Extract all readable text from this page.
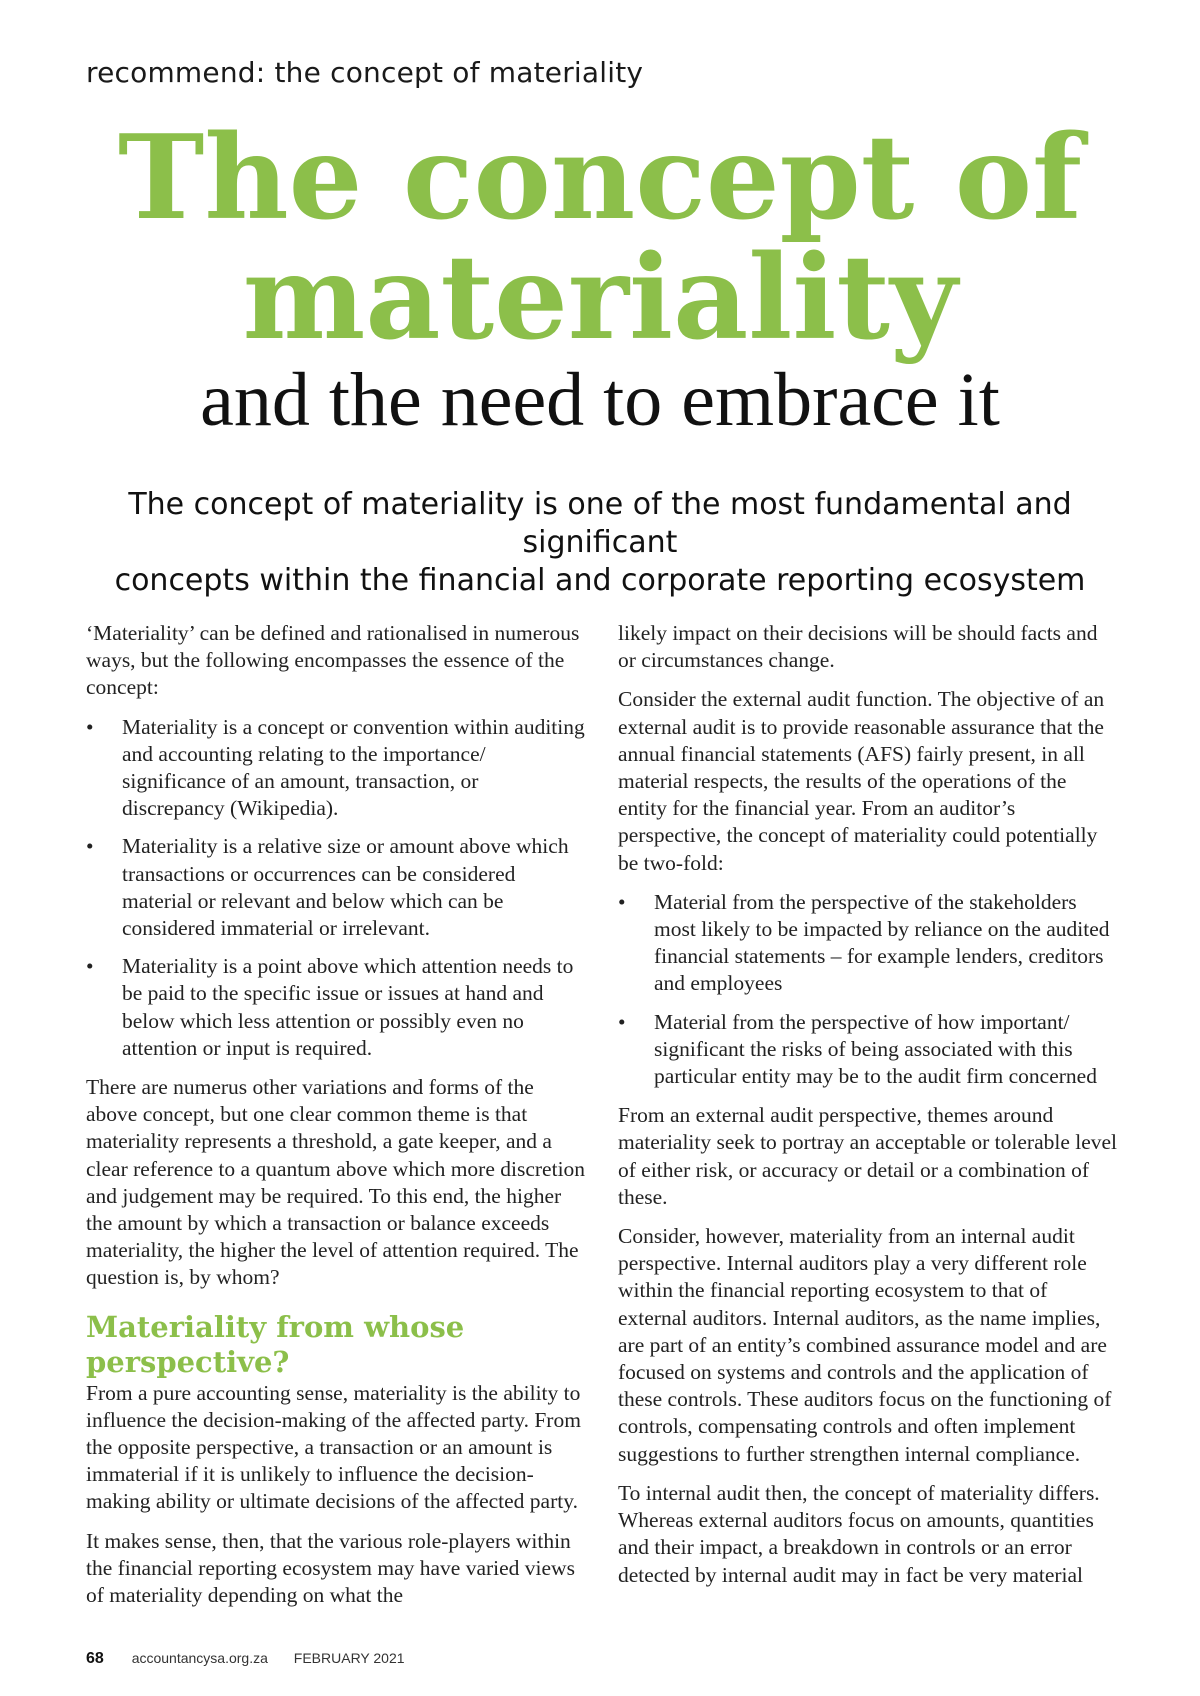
recommend: the concept of materiality
The concept of
materiality
and the need to embrace it
The concept of materiality is one of the most fundamental and significant
concepts within the financial and corporate reporting ecosystem

‘Materiality’ can be defined and rationalised in numerous ways, but the following encompasses the essence of the concept:

• Materiality is a concept or convention within auditing and accounting relating to the importance/ significance of an amount, transaction, or discrepancy (Wikipedia).
• Materiality is a relative size or amount above which transactions or occurrences can be considered material or relevant and below which can be considered immaterial or irrelevant.
• Materiality is a point above which attention needs to be paid to the specific issue or issues at hand and below which less attention or possibly even no attention or input is required.

There are numerus other variations and forms of the above concept, but one clear common theme is that materiality represents a threshold, a gate keeper, and a clear reference to a quantum above which more discretion and judgement may be required. To this end, the higher the amount by which a transaction or balance exceeds materiality, the higher the level of attention required. The question is, by whom?

Materiality from whose perspective?

From a pure accounting sense, materiality is the ability to influence the decision-making of the affected party. From the opposite perspective, a transaction or an amount is immaterial if it is unlikely to influence the decision-making ability or ultimate decisions of the affected party.

It makes sense, then, that the various role-players within the financial reporting ecosystem may have varied views of materiality depending on what the

likely impact on their decisions will be should facts and or circumstances change.

Consider the external audit function. The objective of an external audit is to provide reasonable assurance that the annual financial statements (AFS) fairly present, in all material respects, the results of the operations of the entity for the financial year. From an auditor’s perspective, the concept of materiality could potentially be two-fold:

• Material from the perspective of the stakeholders most likely to be impacted by reliance on the audited financial statements – for example lenders, creditors and employees
• Material from the perspective of how important/ significant the risks of being associated with this particular entity may be to the audit firm concerned

From an external audit perspective, themes around materiality seek to portray an acceptable or tolerable level of either risk, or accuracy or detail or a combination of these.

Consider, however, materiality from an internal audit perspective. Internal auditors play a very different role within the financial reporting ecosystem to that of external auditors. Internal auditors, as the name implies, are part of an entity’s combined assurance model and are focused on systems and controls and the application of these controls. These auditors focus on the functioning of controls, compensating controls and often implement suggestions to further strengthen internal compliance.

To internal audit then, the concept of materiality differs. Whereas external auditors focus on amounts, quantities and their impact, a breakdown in controls or an error detected by internal audit may in fact be very material

68 accountancysa.org.za FEBRUARY 2021
